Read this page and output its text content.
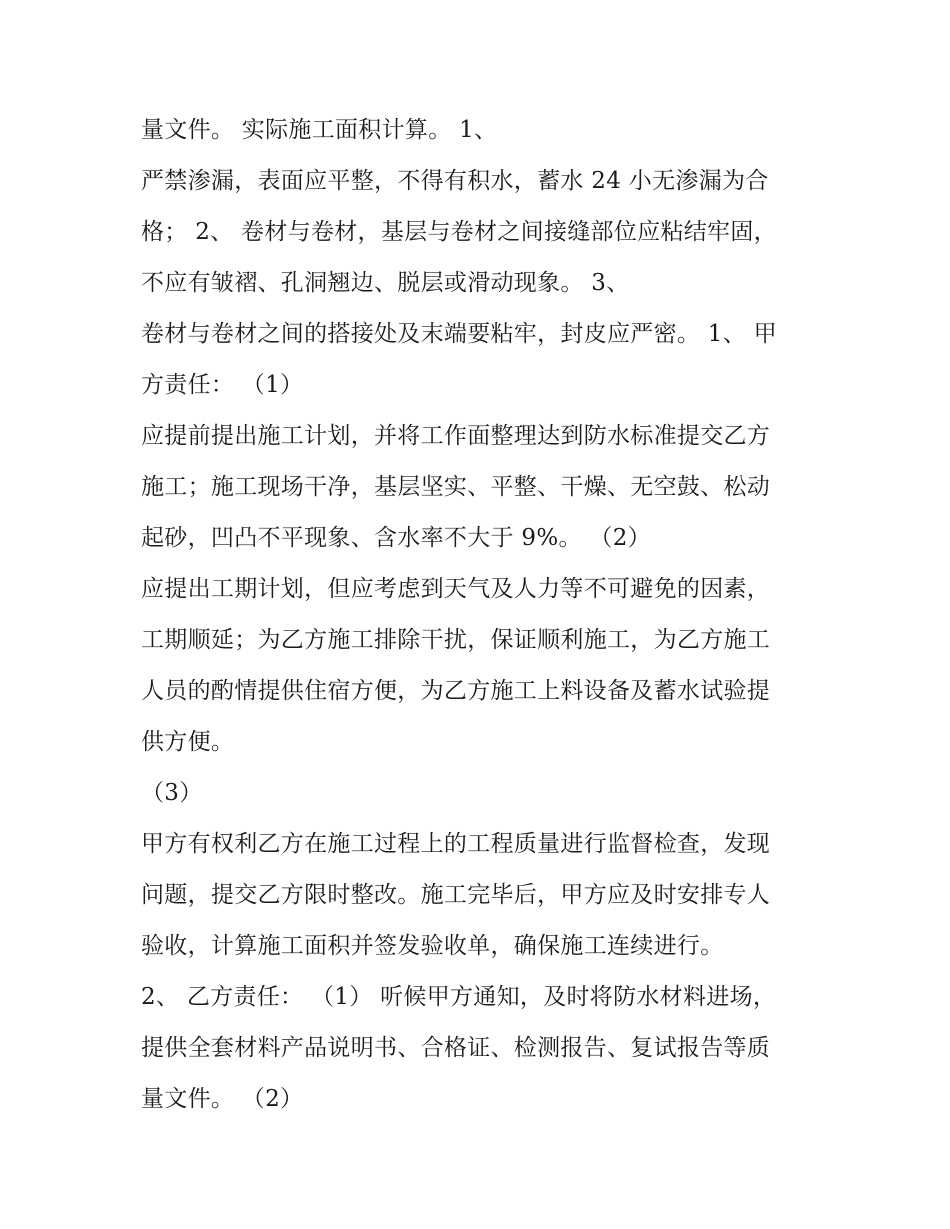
量文件。 实际施工面积计算。 1、
严禁渗漏，表面应平整，不得有积水，蓄水 24 小无渗漏为合
格； 2、 卷材与卷材，基层与卷材之间接缝部位应粘结牢固，
不应有皱褶、孔洞翘边、脱层或滑动现象。 3、
卷材与卷材之间的搭接处及末端要粘牢，封皮应严密。 1、 甲
方责任： （1）
应提前提出施工计划，并将工作面整理达到防水标准提交乙方
施工；施工现场干净，基层坚实、平整、干燥、无空鼓、松动
起砂，凹凸不平现象、含水率不大于 9%。 （2）
应提出工期计划，但应考虑到天气及人力等不可避免的因素，
工期顺延；为乙方施工排除干扰，保证顺利施工，为乙方施工
人员的酌情提供住宿方便，为乙方施工上料设备及蓄水试验提
供方便。
（3）
甲方有权利乙方在施工过程上的工程质量进行监督检查，发现
问题，提交乙方限时整改。施工完毕后，甲方应及时安排专人
验收，计算施工面积并签发验收单，确保施工连续进行。
2、 乙方责任： （1） 听候甲方通知，及时将防水材料进场，
提供全套材料产品说明书、合格证、检测报告、复试报告等质
量文件。 （2）
